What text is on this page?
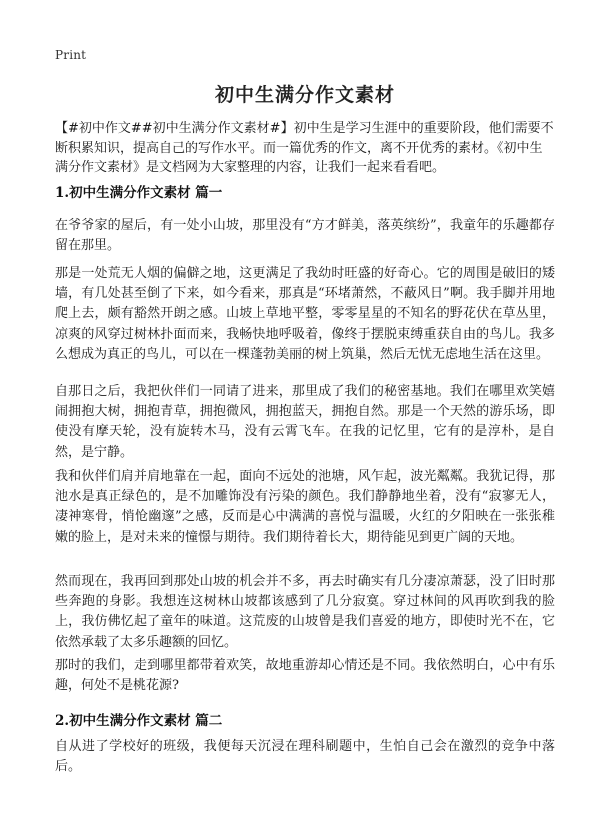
Print
初中生满分作文素材
【#初中作文##初中生满分作文素材#】初中生是学习生涯中的重要阶段，他们需要不断积累知识，提高自己的写作水平。而一篇优秀的作文，离不开优秀的素材。《初中生满分作文素材》是文档网为大家整理的内容，让我们一起来看看吧。
1.初中生满分作文素材 篇一
在爷爷家的屋后，有一处小山坡，那里没有“方才鲜美，落英缤纷”，我童年的乐趣都存留在那里。
那是一处荒无人烟的偏僻之地，这更满足了我幼时旺盛的好奇心。它的周围是破旧的矮墙，有几处甚至倒了下来，如今看来，那真是“环堵萧然，不蔽风日”啊。我手脚并用地爬上去，颇有豁然开朗之感。山坡上草地平整，零零星星的不知名的野花伏在草丛里，凉爽的风穿过树林扑面而来，我畅快地呼吸着，像终于摆脱束缚重获自由的鸟儿。我多么想成为真正的鸟儿，可以在一棵蓬勃美丽的树上筑巢，然后无忧无虑地生活在这里。
自那日之后，我把伙伴们一同请了进来，那里成了我们的秘密基地。我们在哪里欢笑嬉闹拥抱大树，拥抱青草，拥抱微风，拥抱蓝天，拥抱自然。那是一个天然的游乐场，即使没有摩天轮，没有旋转木马，没有云霄飞车。在我的记忆里，它有的是淳朴，是自然，是宁静。
我和伙伴们肩并肩地靠在一起，面向不远处的池塘，风乍起，波光粼粼。我犹记得，那池水是真正绿色的，是不加雕饰没有污染的颜色。我们静静地坐着，没有“寂寥无人，凄神寒骨，悄怆幽邃”之感，反而是心中满满的喜悦与温暖，火红的夕阳映在一张张稚嫩的脸上，是对未来的憧憬与期待。我们期待着长大，期待能见到更广阔的天地。
然而现在，我再回到那处山坡的机会并不多，再去时确实有几分凄凉萧瑟，没了旧时那些奔跑的身影。我想连这树林山坡都该感到了几分寂寞。穿过林间的风再吹到我的脸上，我仿佛忆起了童年的味道。这荒废的山坡曾是我们喜爱的地方，即使时光不在，它依然承载了太多乐趣额的回忆。
那时的我们，走到哪里都带着欢笑，故地重游却心情还是不同。我依然明白，心中有乐趣，何处不是桃花源?
2.初中生满分作文素材 篇二
自从进了学校好的班级，我便每天沉浸在理科刷题中，生怕自己会在激烈的竞争中落后。
